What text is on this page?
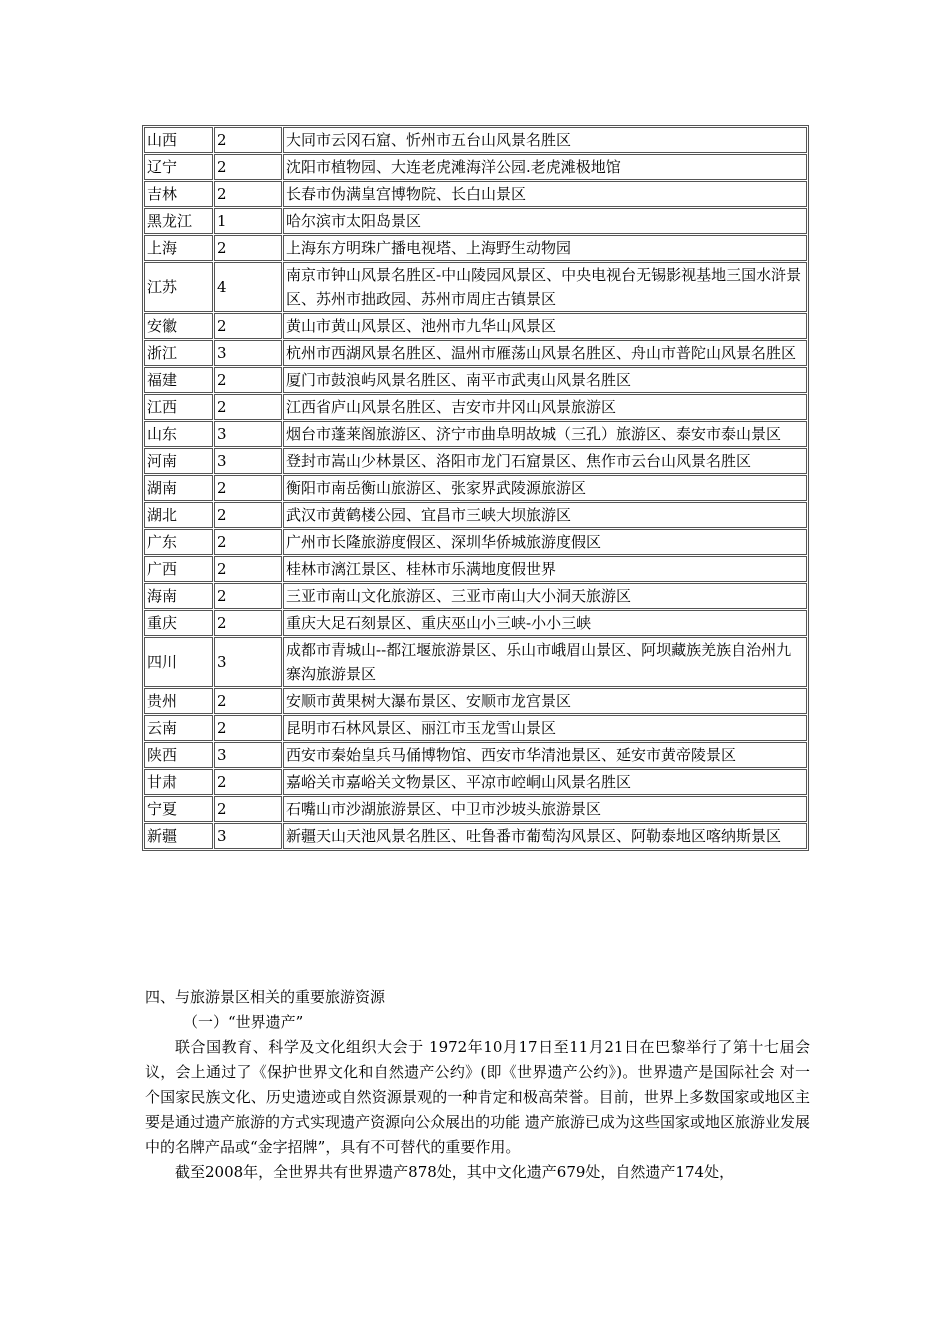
山西	2	大同市云冈石窟、忻州市五台山风景名胜区
辽宁	2	沈阳市植物园、大连老虎滩海洋公园.老虎滩极地馆
吉林	2	长春市伪满皇宫博物院、长白山景区
黑龙江	1	哈尔滨市太阳岛景区
上海	2	上海东方明珠广播电视塔、上海野生动物园
江苏	4	南京市钟山风景名胜区-中山陵园风景区、中央电视台无锡影视基地三国水浒景区、苏州市拙政园、苏州市周庄古镇景区
安徽	2	黄山市黄山风景区、池州市九华山风景区
浙江	3	杭州市西湖风景名胜区、温州市雁荡山风景名胜区、舟山市普陀山风景名胜区
福建	2	厦门市鼓浪屿风景名胜区、南平市武夷山风景名胜区
江西	2	江西省庐山风景名胜区、吉安市井冈山风景旅游区
山东	3	烟台市蓬莱阁旅游区、济宁市曲阜明故城（三孔）旅游区、泰安市泰山景区
河南	3	登封市嵩山少林景区、洛阳市龙门石窟景区、焦作市云台山风景名胜区
湖南	2	衡阳市南岳衡山旅游区、张家界武陵源旅游区
湖北	2	武汉市黄鹤楼公园、宜昌市三峡大坝旅游区
广东	2	广州市长隆旅游度假区、深圳华侨城旅游度假区
广西	2	桂林市漓江景区、桂林市乐满地度假世界
海南	2	三亚市南山文化旅游区、三亚市南山大小洞天旅游区
重庆	2	重庆大足石刻景区、重庆巫山小三峡-小小三峡
四川	3	成都市青城山--都江堰旅游景区、乐山市峨眉山景区、阿坝藏族羌族自治州九寨沟旅游景区
贵州	2	安顺市黄果树大瀑布景区、安顺市龙宫景区
云南	2	昆明市石林风景区、丽江市玉龙雪山景区
陕西	3	西安市秦始皇兵马俑博物馆、西安市华清池景区、延安市黄帝陵景区
甘肃	2	嘉峪关市嘉峪关文物景区、平凉市崆峒山风景名胜区
宁夏	2	石嘴山市沙湖旅游景区、中卫市沙坡头旅游景区
新疆	3	新疆天山天池风景名胜区、吐鲁番市葡萄沟风景区、阿勒泰地区喀纳斯景区

四、与旅游景区相关的重要旅游资源

（一）“世界遗产”

联合国教育、科学及文化组织大会于 1972年10月17日至11月21日在巴黎举行了第十七届会议，会上通过了《保护世界文化和自然遗产公约》(即《世界遗产公约》)。世界遗产是国际社会 对一个国家民族文化、历史遗迹或自然资源景观的一种肯定和极高荣誉。目前，世界上多数国家或地区主要是通过遗产旅游的方式实现遗产资源向公众展出的功能 遗产旅游已成为这些国家或地区旅游业发展中的名牌产品或“金字招牌”，具有不可替代的重要作用。

截至2008年，全世界共有世界遗产878处，其中文化遗产679处，自然遗产174处，
